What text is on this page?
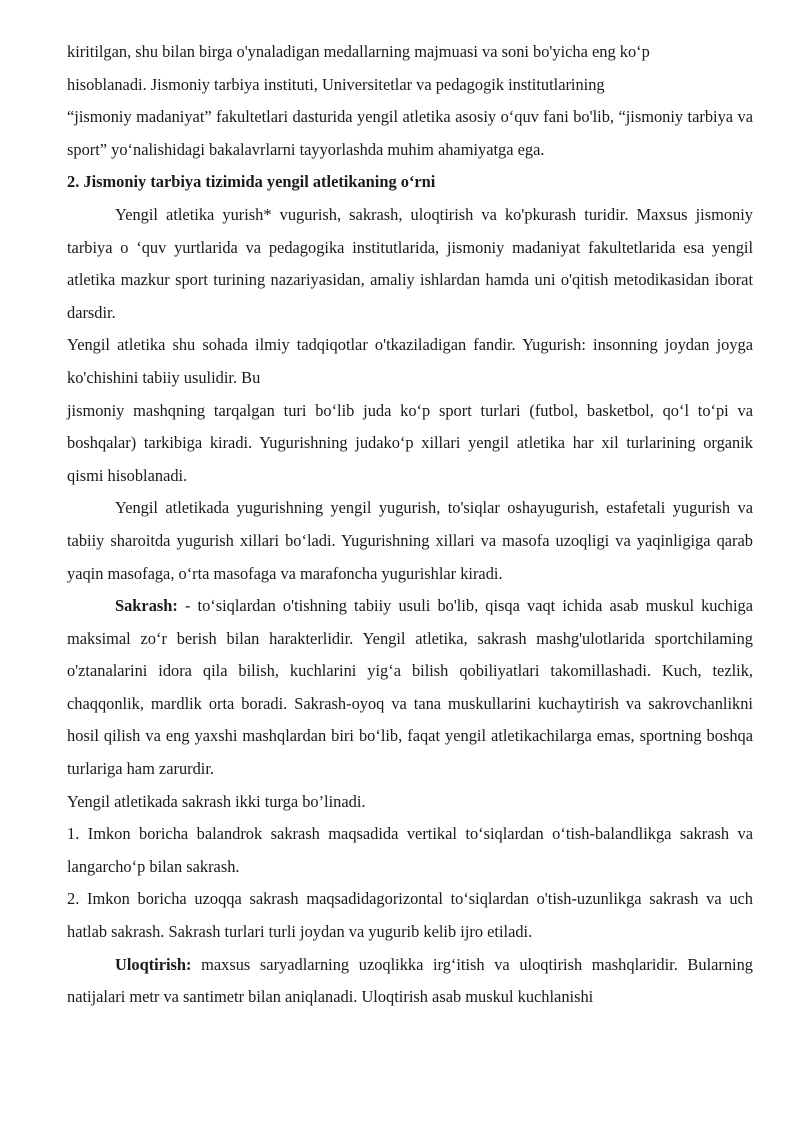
kiritilgan, shu bilan birga o'ynaladigan medallarning majmuasi va soni bo'yicha eng ko‘p

hisoblanadi. Jismoniy tarbiya instituti, Universitetlar va pedagogik institutlarining

“jismoniy madaniyat” fakultetlari dasturida yengil atletika asosiy o‘quv fani bo'lib, “jismoniy tarbiya va sport” yo‘nalishidagi bakalavrlarni tayyorlashda muhim ahamiyatga ega.

2. Jismoniy tarbiya tizimida yengil atletikaning o‘rni

Yengil atletika yurish* vugurish, sakrash, uloqtirish va ko'pkurash turidir. Maxsus jismoniy tarbiya o ‘quv yurtlarida va pedagogika institutlarida, jismoniy madaniyat fakultetlarida esa yengil atletika mazkur sport turining nazariyasidan, amaliy ishlardan hamda uni o'qitish metodikasidan iborat darsdir.

Yengil atletika shu sohada ilmiy tadqiqotlar o'tkaziladigan fandir. Yugurish: insonning joydan joyga ko'chishini tabiiy usulidir. Bu

jismoniy mashqning tarqalgan turi bo‘lib juda ko‘p sport turlari (futbol, basketbol, qo‘l to‘pi va boshqalar) tarkibiga kiradi. Yugurishning judako‘p xillari yengil atletika har xil turlarining organik qismi hisoblanadi.

Yengil atletikada yugurishning yengil yugurish, to'siqlar oshayugurish, estafetali yugurish va tabiiy sharoitda yugurish xillari bo‘ladi. Yugurishning xillari va masofa uzoqligi va yaqinligiga qarab yaqin masofaga, o‘rta masofaga va marafoncha yugurishlar kiradi.

Sakrash: - to‘siqlardan o'tishning tabiiy usuli bo'lib, qisqa vaqt ichida asab muskul kuchiga maksimal zo‘r berish bilan harakterlidir. Yengil atletika, sakrash mashg'ulotlarida sportchilaming o'ztanalarini idora qila bilish, kuchlarini yig‘a bilish qobiliyatlari takomillashadi. Kuch, tezlik, chaqqonlik, mardlik orta boradi. Sakrash-oyoq va tana muskullarini kuchaytirish va sakrovchanlikni hosil qilish va eng yaxshi mashqlardan biri bo‘lib, faqat yengil atletikachilarga emas, sportning boshqa turlariga ham zarurdir.

Yengil atletikada sakrash ikki turga bo’linadi.

1. Imkon boricha balandrok sakrash maqsadida vertikal to‘siqlardan o‘tish-balandlikga sakrash va langarcho‘p bilan sakrash.

2. Imkon boricha uzoqqa sakrash maqsadidagorizontal to‘siqlardan o'tish-uzunlikga sakrash va uch hatlab sakrash. Sakrash turlari turli joydan va yugurib kelib ijro etiladi.

Uloqtirish: maxsus saryadlarning uzoqlikka irg‘itish va uloqtirish mashqlaridir. Bularning natijalari metr va santimetr bilan aniqlanadi. Uloqtirish asab muskul kuchlanishi
